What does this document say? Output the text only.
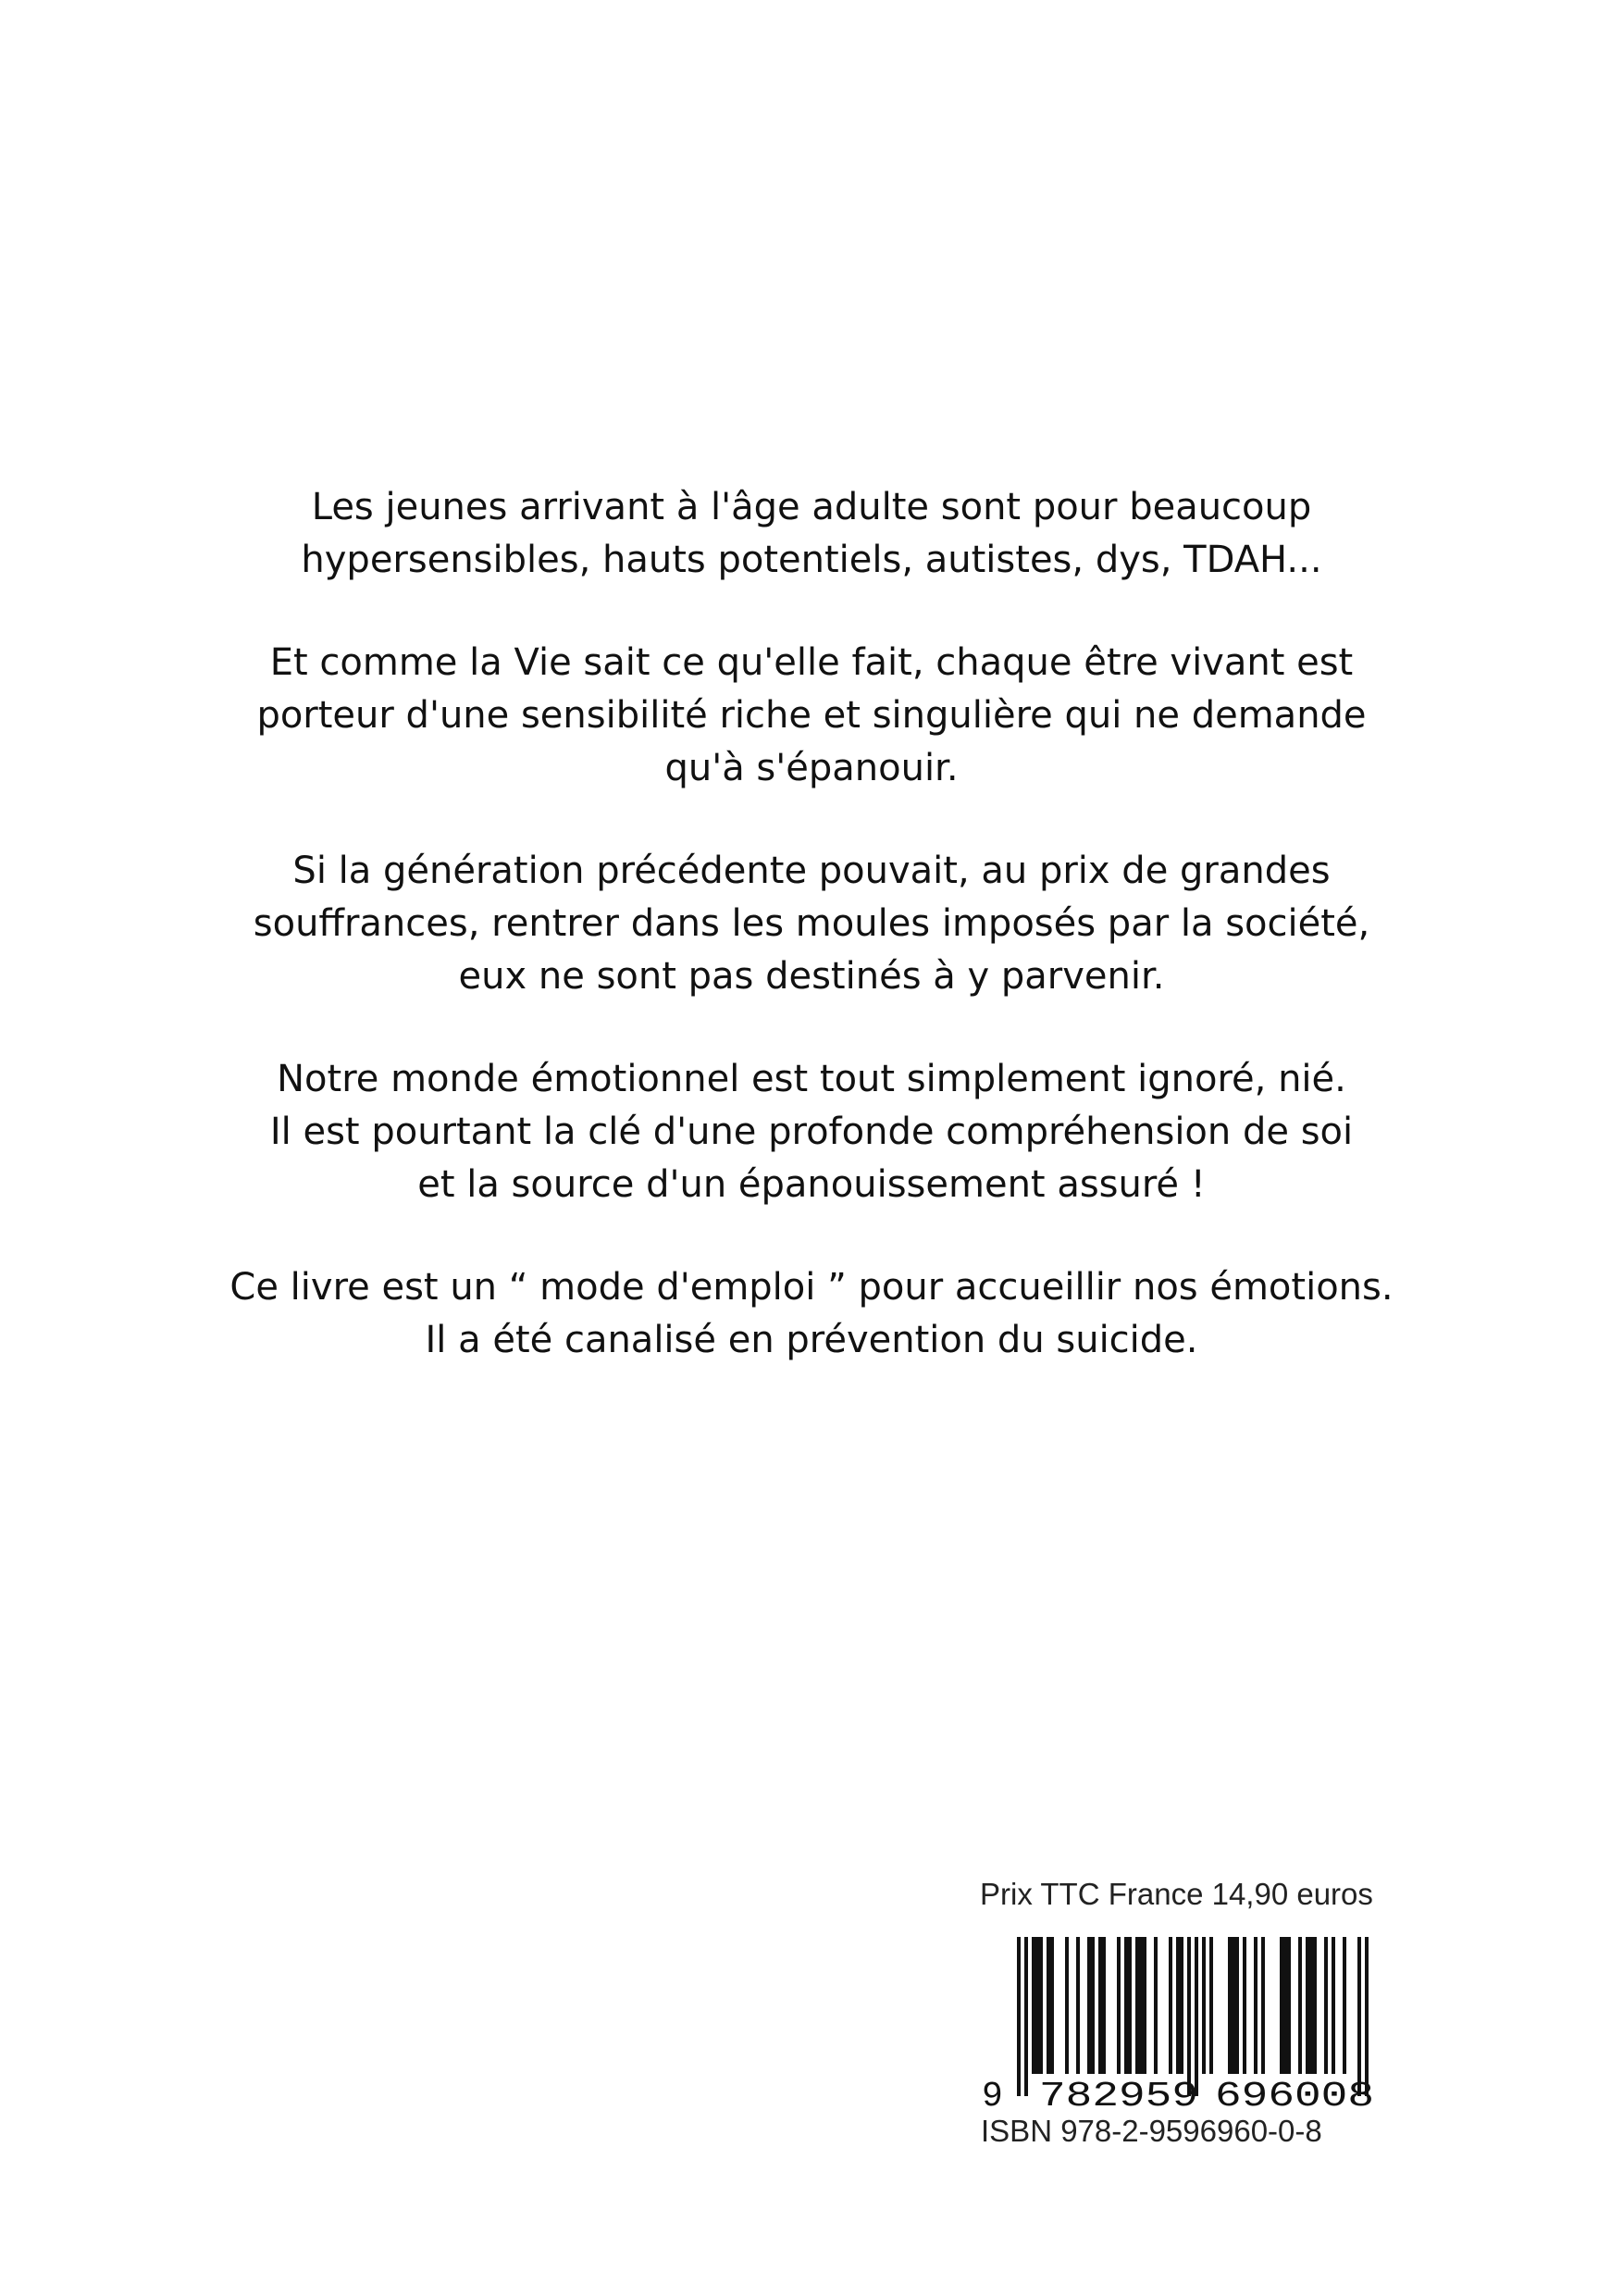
Les jeunes arrivant à l'âge adulte sont pour beaucoup
hypersensibles, hauts potentiels, autistes, dys, TDAH...

Et comme la Vie sait ce qu'elle fait, chaque être vivant est
porteur d'une sensibilité riche et singulière qui ne demande
qu'à s'épanouir.

Si la génération précédente pouvait, au prix de grandes
souffrances, rentrer dans les moules imposés par la société,
eux ne sont pas destinés à y parvenir.

Notre monde émotionnel est tout simplement ignoré, nié.
Il est pourtant la clé d'une profonde compréhension de soi
et la source d'un épanouissement assuré !

Ce livre est un “ mode d'emploi ” pour accueillir nos émotions.
Il a été canalisé en prévention du suicide.

Prix TTC France 14,90 euros
9 782959 696008
ISBN 978-2-9596960-0-8
